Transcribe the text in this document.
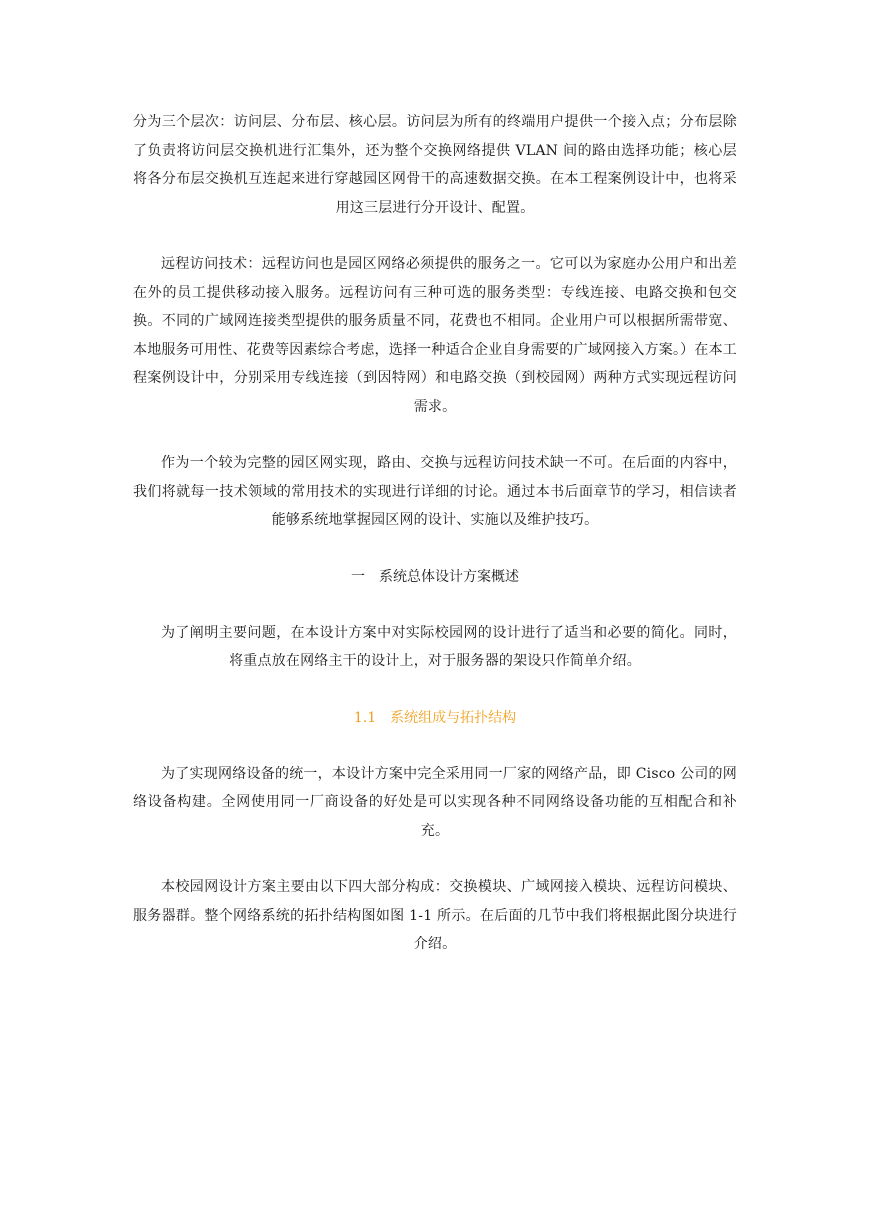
分为三个层次：访问层、分布层、核心层。访问层为所有的终端用户提供一个接入点；分布层除了负责将访问层交换机进行汇集外，还为整个交换网络提供 VLAN 间的路由选择功能；核心层将各分布层交换机互连起来进行穿越园区网骨干的高速数据交换。在本工程案例设计中，也将采用这三层进行分开设计、配置。

远程访问技术：远程访问也是园区网络必须提供的服务之一。它可以为家庭办公用户和出差在外的员工提供移动接入服务。远程访问有三种可选的服务类型：专线连接、电路交换和包交换。不同的广域网连接类型提供的服务质量不同，花费也不相同。企业用户可以根据所需带宽、本地服务可用性、花费等因素综合考虑，选择一种适合企业自身需要的广域网接入方案。）在本工程案例设计中，分别采用专线连接（到因特网）和电路交换（到校园网）两种方式实现远程访问需求。

作为一个较为完整的园区网实现，路由、交换与远程访问技术缺一不可。在后面的内容中，我们将就每一技术领域的常用技术的实现进行详细的讨论。通过本书后面章节的学习，相信读者能够系统地掌握园区网的设计、实施以及维护技巧。

一　系统总体设计方案概述

为了阐明主要问题，在本设计方案中对实际校园网的设计进行了适当和必要的简化。同时，将重点放在网络主干的设计上，对于服务器的架设只作简单介绍。

1.1　系统组成与拓扑结构

为了实现网络设备的统一，本设计方案中完全采用同一厂家的网络产品，即 Cisco 公司的网络设备构建。全网使用同一厂商设备的好处是可以实现各种不同网络设备功能的互相配合和补充。

本校园网设计方案主要由以下四大部分构成：交换模块、广域网接入模块、远程访问模块、服务器群。整个网络系统的拓扑结构图如图 1-1 所示。在后面的几节中我们将根据此图分块进行介绍。
